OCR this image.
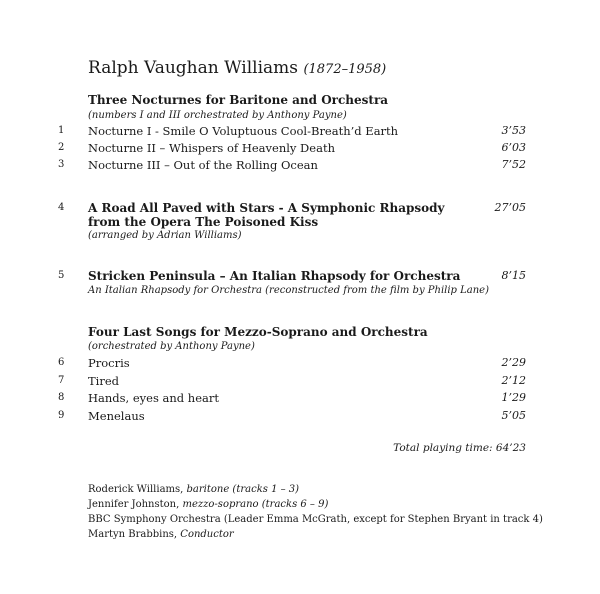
Ralph Vaughan Williams (1872–1958)
Three Nocturnes for Baritone and Orchestra
(numbers I and III orchestrated by Anthony Payne)
1	Nocturne I - Smile O Voluptuous Cool-Breath’d Earth	3’53
2	Nocturne II – Whispers of Heavenly Death	6’03
3	Nocturne III – Out of the Rolling Ocean	7’52
4	A Road All Paved with Stars - A Symphonic Rhapsody	27’05
from the Opera The Poisoned Kiss
(arranged by Adrian Williams)
5	Stricken Peninsula – An Italian Rhapsody for Orchestra	8’15
An Italian Rhapsody for Orchestra (reconstructed from the film by Philip Lane)
Four Last Songs for Mezzo-Soprano and Orchestra
(orchestrated by Anthony Payne)
6	Procris	2’29
7	Tired	2’12
8	Hands, eyes and heart	1’29
9	Menelaus	5’05
Total playing time: 64’23
Roderick Williams, baritone (tracks 1 – 3)
Jennifer Johnston, mezzo-soprano (tracks 6 – 9)
BBC Symphony Orchestra (Leader Emma McGrath, except for Stephen Bryant in track 4)
Martyn Brabbins, Conductor
